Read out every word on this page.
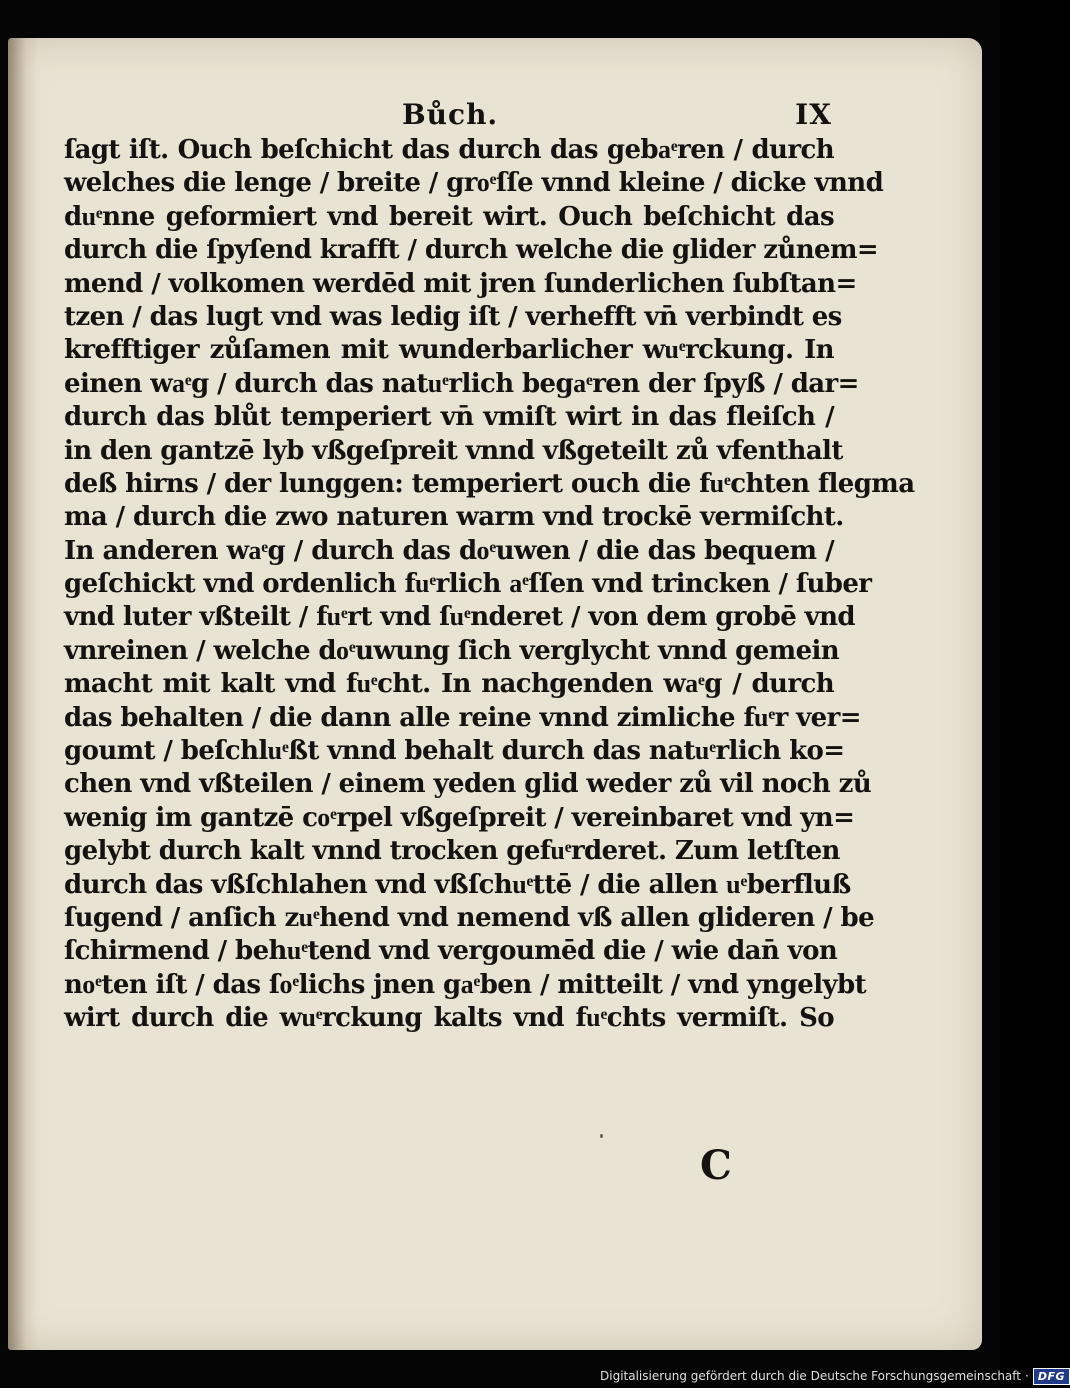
Bůch.	IX
ſagt iſt. Ouch beſchicht das durch das gebaͤren / durch
welches die lenge / breite / groͤſſe vnnd kleine / dicke vnnd
duͤnne geformiert vnd bereit wirt. Ouch beſchicht das
durch die ſpyſend krafft / durch welche die glider zůnem=
mend / volkomen werdēd mit jren ſunderlichen ſubſtan=
tzen / das lugt vnd was ledig iſt / verhefft vn̄ verbindt es
krefftiger zůſamen mit wunderbarlicher wuͤrckung. In
einen waͤg / durch das natuͤrlich begaͤren der ſpyß / dar=
durch das blůt temperiert vn̄ vmiſt wirt in das fleiſch /
in den gantzē lyb vßgeſpreit vnnd vßgeteilt zů vfenthalt
deß hirns / der lunggen: temperiert ouch die fuͤchten flegma
ma / durch die zwo naturen warm vnd trockē vermiſcht.
In anderen waͤg / durch das doͤuwen / die das bequem /
geſchickt vnd ordenlich fuͤrlich aͤſſen vnd trincken / ſuber
vnd luter vßteilt / fuͤrt vnd ſuͤnderet / von dem grobē vnd
vnreinen / welche doͤuwung ſich verglycht vnnd gemein
macht mit kalt vnd fuͤcht. In nachgenden waͤg / durch
das behalten / die dann alle reine vnnd zimliche fuͤr ver=
goumt / beſchluͤßt vnnd behalt durch das natuͤrlich ko=
chen vnd vßteilen / einem yeden glid weder zů vil noch zů
wenig im gantzē coͤrpel vßgeſpreit / vereinbaret vnd yn=
gelybt durch kalt vnnd trocken gefuͤrderet. Zum letſten
durch das vßſchlahen vnd vßſchuͤttē / die allen uͤberfluß
ſugend / anſich zuͤhend vnd nemend vß allen glideren / be
ſchirmend / behuͤtend vnd vergoumēd die / wie dan̄ von
noͤten iſt / das ſoͤlichs jnen gaͤben / mitteilt / vnd yngelybt
wirt durch die wuͤrckung kalts vnd fuͤchts vermiſt. So
C
Digitalisierung gefördert durch die Deutsche Forschungsgemeinschaft · DFG
